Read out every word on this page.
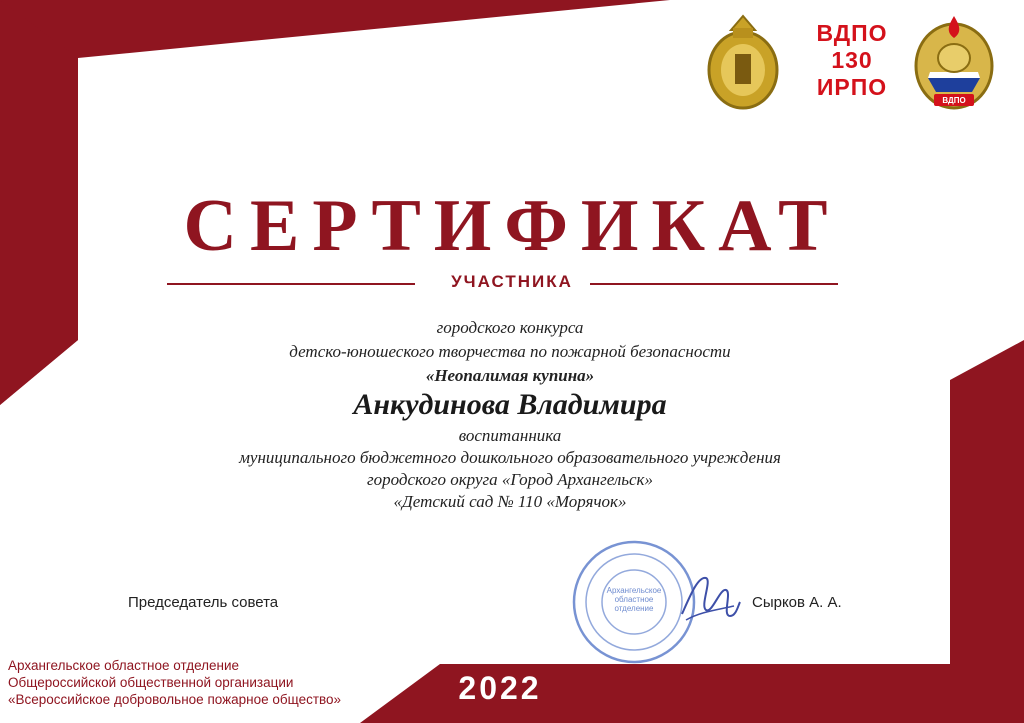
ВДПО
130
ИРПО
ВДПО
СЕРТИФИКАТ
УЧАСТНИКА
городского конкурса
детско-юношеского творчества по пожарной безопасности
«Неопалимая купина»
Анкудинова Владимира
воспитанника
муниципального бюджетного дошкольного образовательного учреждения
городского округа «Город Архангельск»
«Детский сад № 110 «Морячок»
Председатель совета
Архангельское областное отделение	Сырков А. А.
Архангельское областное отделение
Общероссийской общественной организации
«Всероссийское добровольное пожарное общество»	2022
